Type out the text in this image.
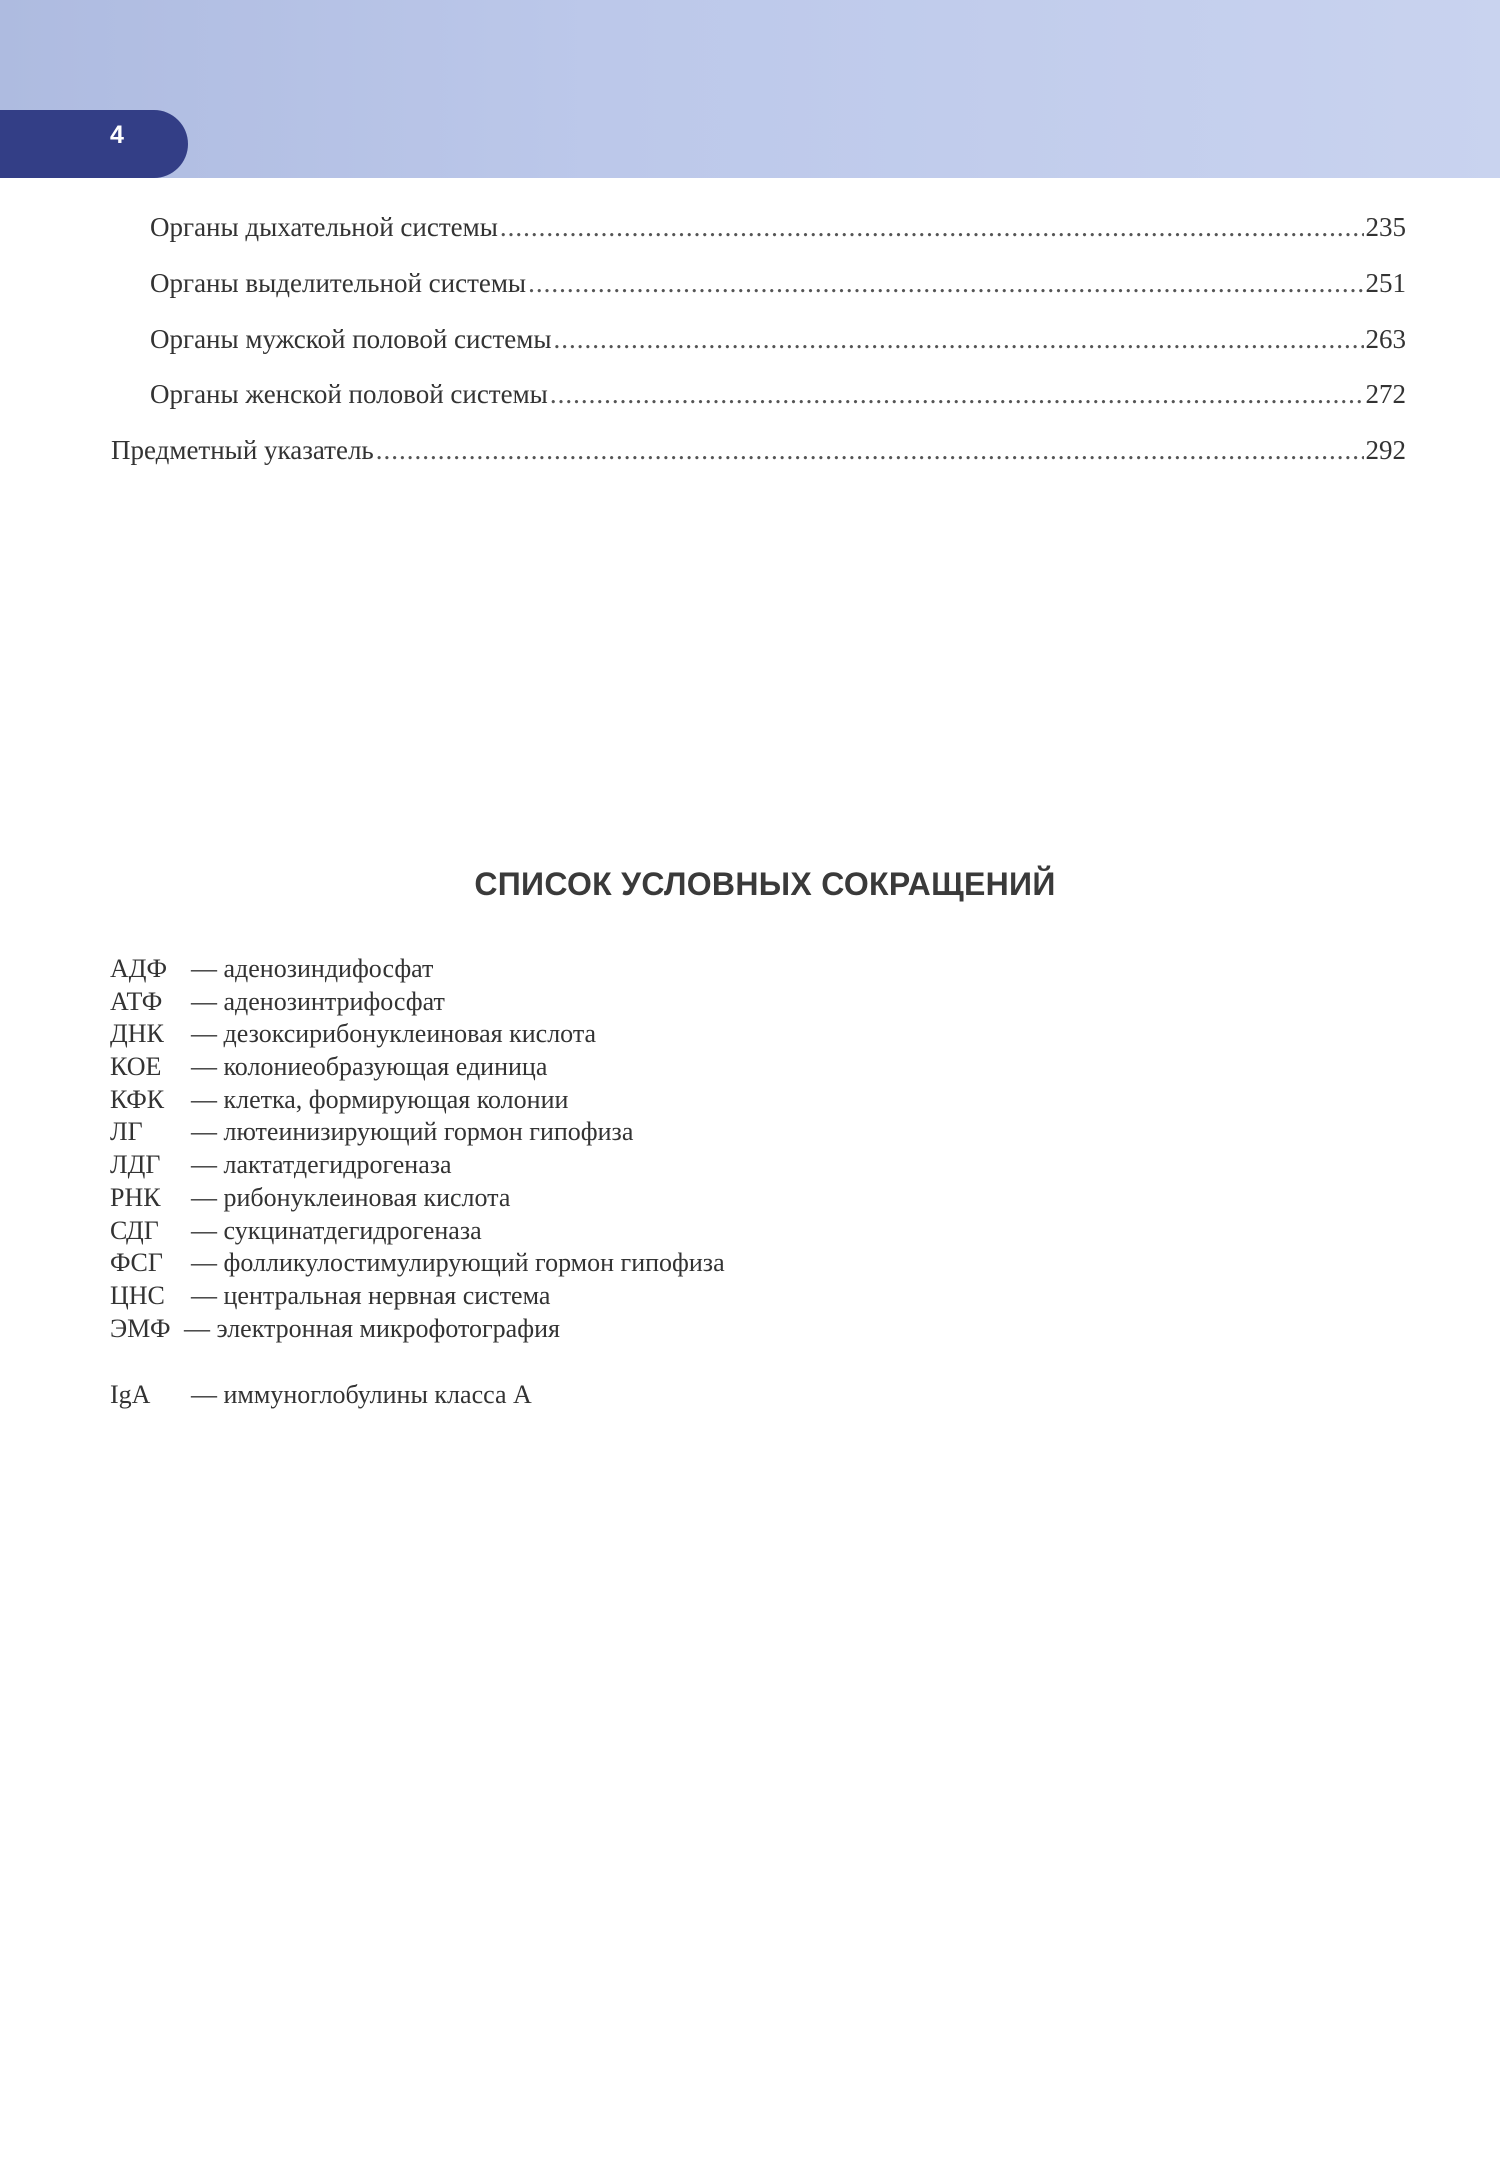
4
Органы дыхательной системы .....	235
Органы выделительной системы .....	251
Органы мужской половой системы .....	263
Органы женской половой системы .....	272
Предметный указатель .....	292
СПИСОК УСЛОВНЫХ СОКРАЩЕНИЙ
АДФ — аденозиндифосфат
АТФ — аденозинтрифосфат
ДНК — дезоксирибонуклеиновая кислота
КОЕ — колониеобразующая единица
КФК — клетка, формирующая колонии
ЛГ — лютеинизирующий гормон гипофиза
ЛДГ — лактатдегидрогеназа
РНК — рибонуклеиновая кислота
СДГ — сукцинатдегидрогеназа
ФСГ — фолликулостимулирующий гормон гипофиза
ЦНС — центральная нервная система
ЭМФ — электронная микрофотография
IgA — иммуноглобулины класса А
